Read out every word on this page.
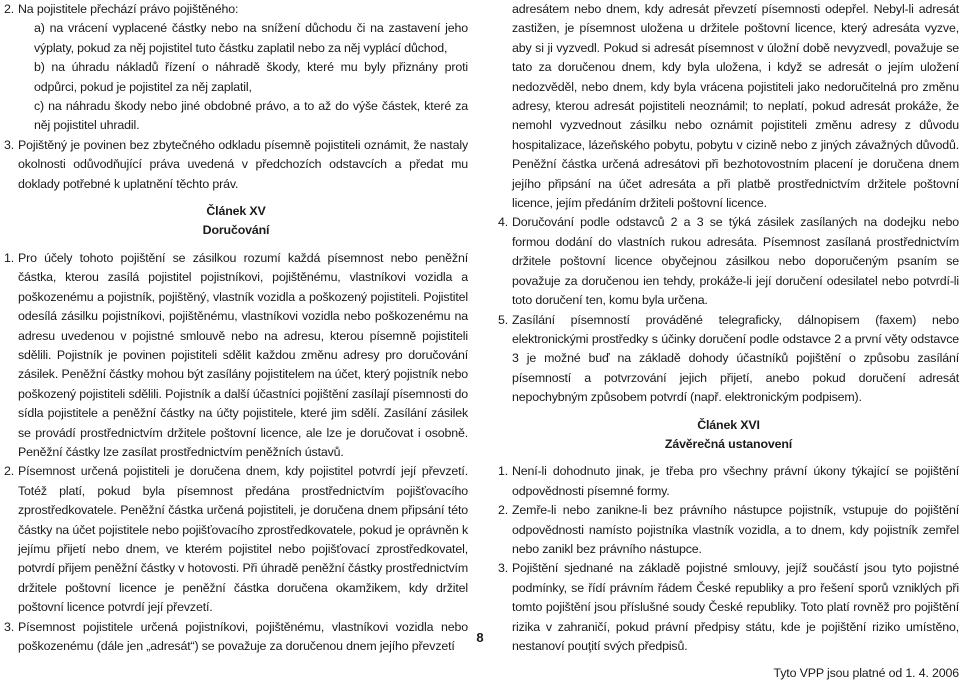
2. Na pojistitele přechází právo pojištěného:

a) na vrácení vyplacené částky nebo na snížení důchodu či na zastavení jeho výplaty, pokud za něj pojistitel tuto částku zaplatil nebo za něj vyplácí důchod,

b) na úhradu nákladů řízení o náhradě škody, které mu byly přiznány proti odpůrci, pokud je pojistitel za něj zaplatil,

c) na náhradu škody nebo jiné obdobné právo, a to až do výše částek, které za něj pojistitel uhradil.

3. Pojištěný je povinen bez zbytečného odkladu písemně pojistiteli oznámit, že nastaly okolnosti odůvodňující práva uvedená v předchozích odstavcích a předat mu doklady potřebné k uplatnění těchto práv.

Článek XV

Doručování

1. Pro účely tohoto pojištění se zásilkou rozumí každá písemnost nebo peněžní částka, kterou zasílá pojistitel pojistníkovi, pojištěnému, vlastníkovi vozidla a poškozenému a pojistník, pojištěný, vlastník vozidla a poškozený pojistiteli. Pojistitel odesílá zásilku pojistníkovi, pojištěnému, vlastníkovi vozidla nebo poškozenému na adresu uvedenou v pojistné smlouvě nebo na adresu, kterou písemně pojistiteli sdělili. Pojistník je povinen pojistiteli sdělit každou změnu adresy pro doručování zásilek. Peněžní částky mohou být zasílány pojistitelem na účet, který pojistník nebo poškozený pojistiteli sdělili. Pojistník a další účastníci pojištění zasílají písemnosti do sídla pojistitele a peněžní částky na účty pojistitele, které jim sdělí. Zasílání zásilek se provádí prostřednictvím držitele poštovní licence, ale lze je doručovat i osobně. Peněžní částky lze zasílat prostřednictvím peněžních ústavů.

2. Písemnost určená pojistiteli je doručena dnem, kdy pojistitel potvrdí její převzetí. Totéž platí, pokud byla písemnost předána prostřednictvím pojišťovacího zprostředkovatele. Peněžní částka určená pojistiteli, je doručena dnem připsání této částky na účet pojistitele nebo pojišťovacího zprostředkovatele, pokud je oprávněn k jejímu přijetí nebo dnem, ve kterém pojistitel nebo pojišťovací zprostředkovatel, potvrdí přijem peněžní částky v hotovosti. Při úhradě peněžní částky prostřednictvím držitele poštovní licence je peněžní částka doručena okamžikem, kdy držitel poštovní licence potvrdí její převzetí.

3. Písemnost pojistitele určená pojistníkovi, pojištěnému, vlastníkovi vozidla nebo poškozenému (dále jen „adresát“) se považuje za doručenou dnem jejího převzetí

adresátem nebo dnem, kdy adresát převzetí písemnosti odepřel. Nebyl-li adresát zastižen, je písemnost uložena u držitele poštovní licence, který adresáta vyzve, aby si ji vyzvedl. Pokud si adresát písemnost v úložní době nevyzvedl, považuje se tato za doručenou dnem, kdy byla uložena, i když se adresát o jejím uložení nedozvěděl, nebo dnem, kdy byla vrácena pojistiteli jako nedoručitelná pro změnu adresy, kterou adresát pojistiteli neoznámil; to neplatí, pokud adresát prokáže, že nemohl vyzvednout zásilku nebo oznámit pojistiteli změnu adresy z důvodu hospitalizace, lázeňského pobytu, pobytu v cizině nebo z jiných závažných důvodů. Peněžní částka určená adresátovi při bezhotovostním placení je doručena dnem jejího připsání na účet adresáta a při platbě prostřednictvím držitele poštovní licence, jejím předáním držiteli poštovní licence.

4. Doručování podle odstavců 2 a 3 se týká zásilek zasílaných na dodejku nebo formou dodání do vlastních rukou adresáta. Písemnost zasílaná prostřednictvím držitele poštovní licence obyčejnou zásilkou nebo doporučeným psaním se považuje za doručenou ien tehdy, prokáže-li její doručení odesilatel nebo potvrdí-li toto doručení ten, komu byla určena.

5. Zasílání písemností prováděné telegraficky, dálnopisem (faxem) nebo elektronickými prostředky s účinky doručení podle odstavce 2 a první věty odstavce 3 je možné buď na základě dohody účastníků pojištění o způsobu zasílání písemností a potvrzování jejich přijetí, anebo pokud doručení adresát nepochybným způsobem potvrdí (např. elektronickým podpisem).

Článek XVI

Závěrečná ustanovení

1. Není-li dohodnuto jinak, je třeba pro všechny právní úkony týkající se pojištění odpovědnosti písemné formy.

2. Zemře-li nebo zanikne-li bez právního nástupce pojistník, vstupuje do pojištění odpovědnosti namísto pojistníka vlastník vozidla, a to dnem, kdy pojistník zemřel nebo zanikl bez právního nástupce.

3. Pojištění sjednané na základě pojistné smlouvy, jejíž součástí jsou tyto pojistné podmínky, se řídí právním řádem České republiky a pro řešení sporů vzniklých při tomto pojištění jsou příslušné soudy České republiky. Toto platí rovněž pro pojištění rizika v zahraničí, pokud právní předpisy státu, kde je pojištění riziko umístěno, nestanoví pouţití svých předpisů.

Tyto VPP jsou platné od 1. 4. 2006

8
